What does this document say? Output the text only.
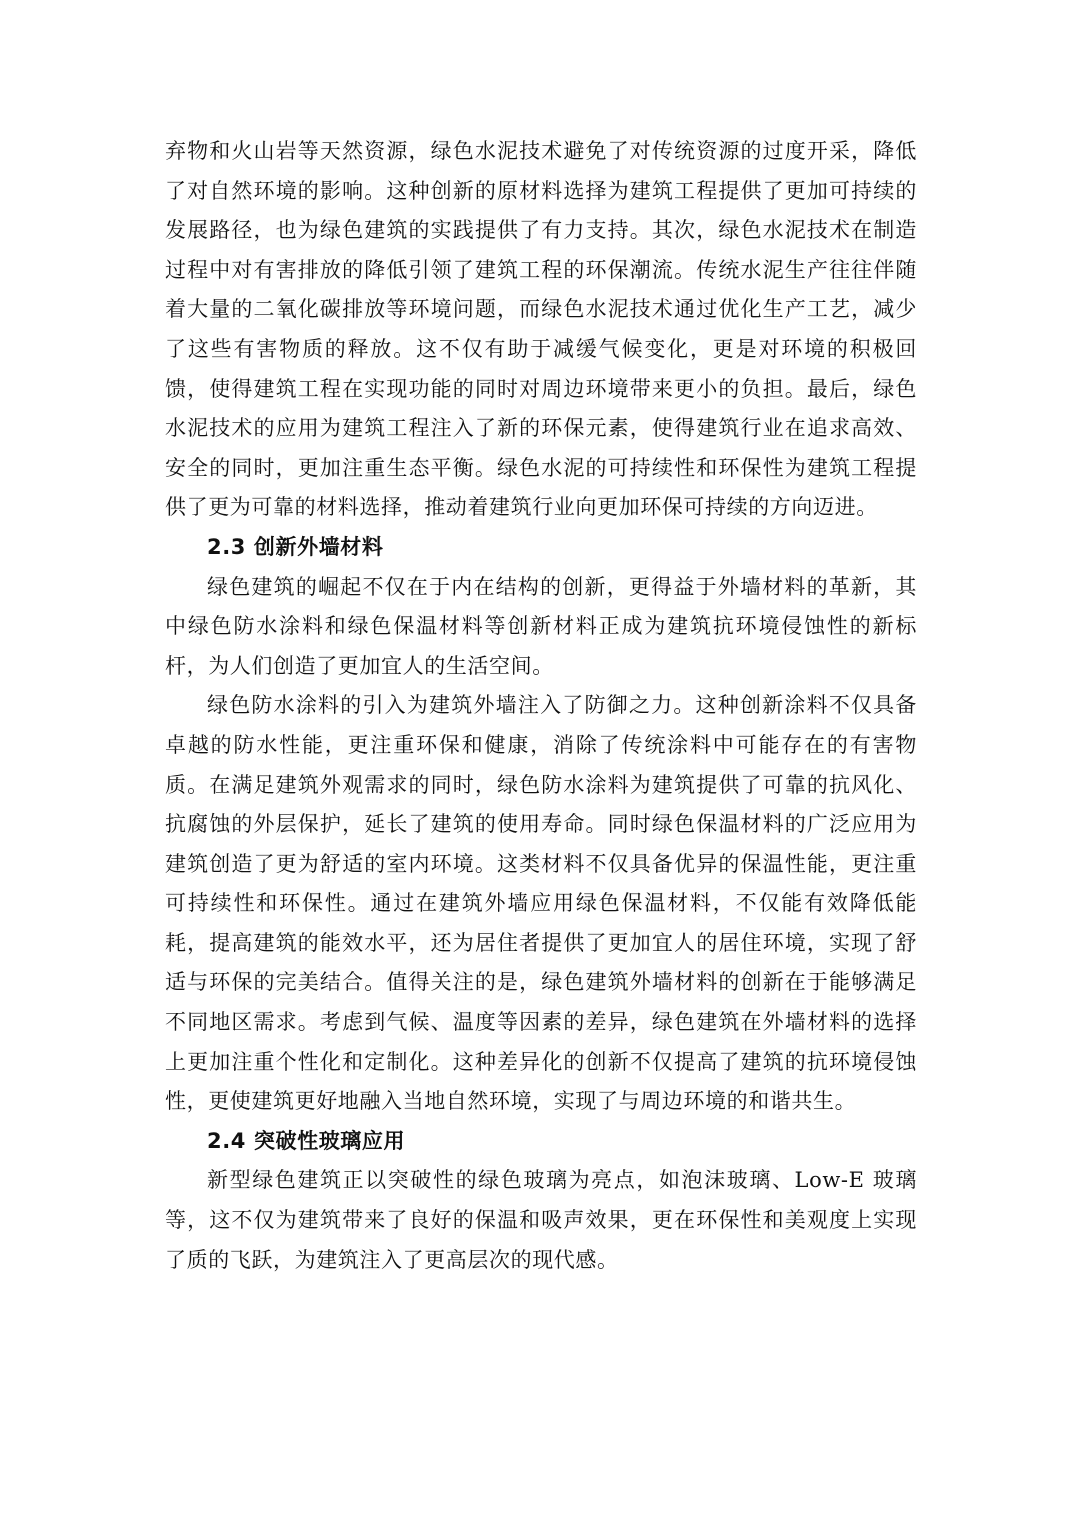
弃物和火山岩等天然资源，绿色水泥技术避免了对传统资源的过度开采，降低了对自然环境的影响。这种创新的原材料选择为建筑工程提供了更加可持续的发展路径，也为绿色建筑的实践提供了有力支持。其次，绿色水泥技术在制造过程中对有害排放的降低引领了建筑工程的环保潮流。传统水泥生产往往伴随着大量的二氧化碳排放等环境问题，而绿色水泥技术通过优化生产工艺，减少了这些有害物质的释放。这不仅有助于减缓气候变化，更是对环境的积极回馈，使得建筑工程在实现功能的同时对周边环境带来更小的负担。最后，绿色水泥技术的应用为建筑工程注入了新的环保元素，使得建筑行业在追求高效、安全的同时，更加注重生态平衡。绿色水泥的可持续性和环保性为建筑工程提供了更为可靠的材料选择，推动着建筑行业向更加环保可持续的方向迈进。

2.3 创新外墙材料

绿色建筑的崛起不仅在于内在结构的创新，更得益于外墙材料的革新，其中绿色防水涂料和绿色保温材料等创新材料正成为建筑抗环境侵蚀性的新标杆，为人们创造了更加宜人的生活空间。

绿色防水涂料的引入为建筑外墙注入了防御之力。这种创新涂料不仅具备卓越的防水性能，更注重环保和健康，消除了传统涂料中可能存在的有害物质。在满足建筑外观需求的同时，绿色防水涂料为建筑提供了可靠的抗风化、抗腐蚀的外层保护，延长了建筑的使用寿命。同时绿色保温材料的广泛应用为建筑创造了更为舒适的室内环境。这类材料不仅具备优异的保温性能，更注重可持续性和环保性。通过在建筑外墙应用绿色保温材料，不仅能有效降低能耗，提高建筑的能效水平，还为居住者提供了更加宜人的居住环境，实现了舒适与环保的完美结合。值得关注的是，绿色建筑外墙材料的创新在于能够满足不同地区需求。考虑到气候、温度等因素的差异，绿色建筑在外墙材料的选择上更加注重个性化和定制化。这种差异化的创新不仅提高了建筑的抗环境侵蚀性，更使建筑更好地融入当地自然环境，实现了与周边环境的和谐共生。

2.4 突破性玻璃应用

新型绿色建筑正以突破性的绿色玻璃为亮点，如泡沫玻璃、Low-E 玻璃等，这不仅为建筑带来了良好的保温和吸声效果，更在环保性和美观度上实现了质的飞跃，为建筑注入了更高层次的现代感。
